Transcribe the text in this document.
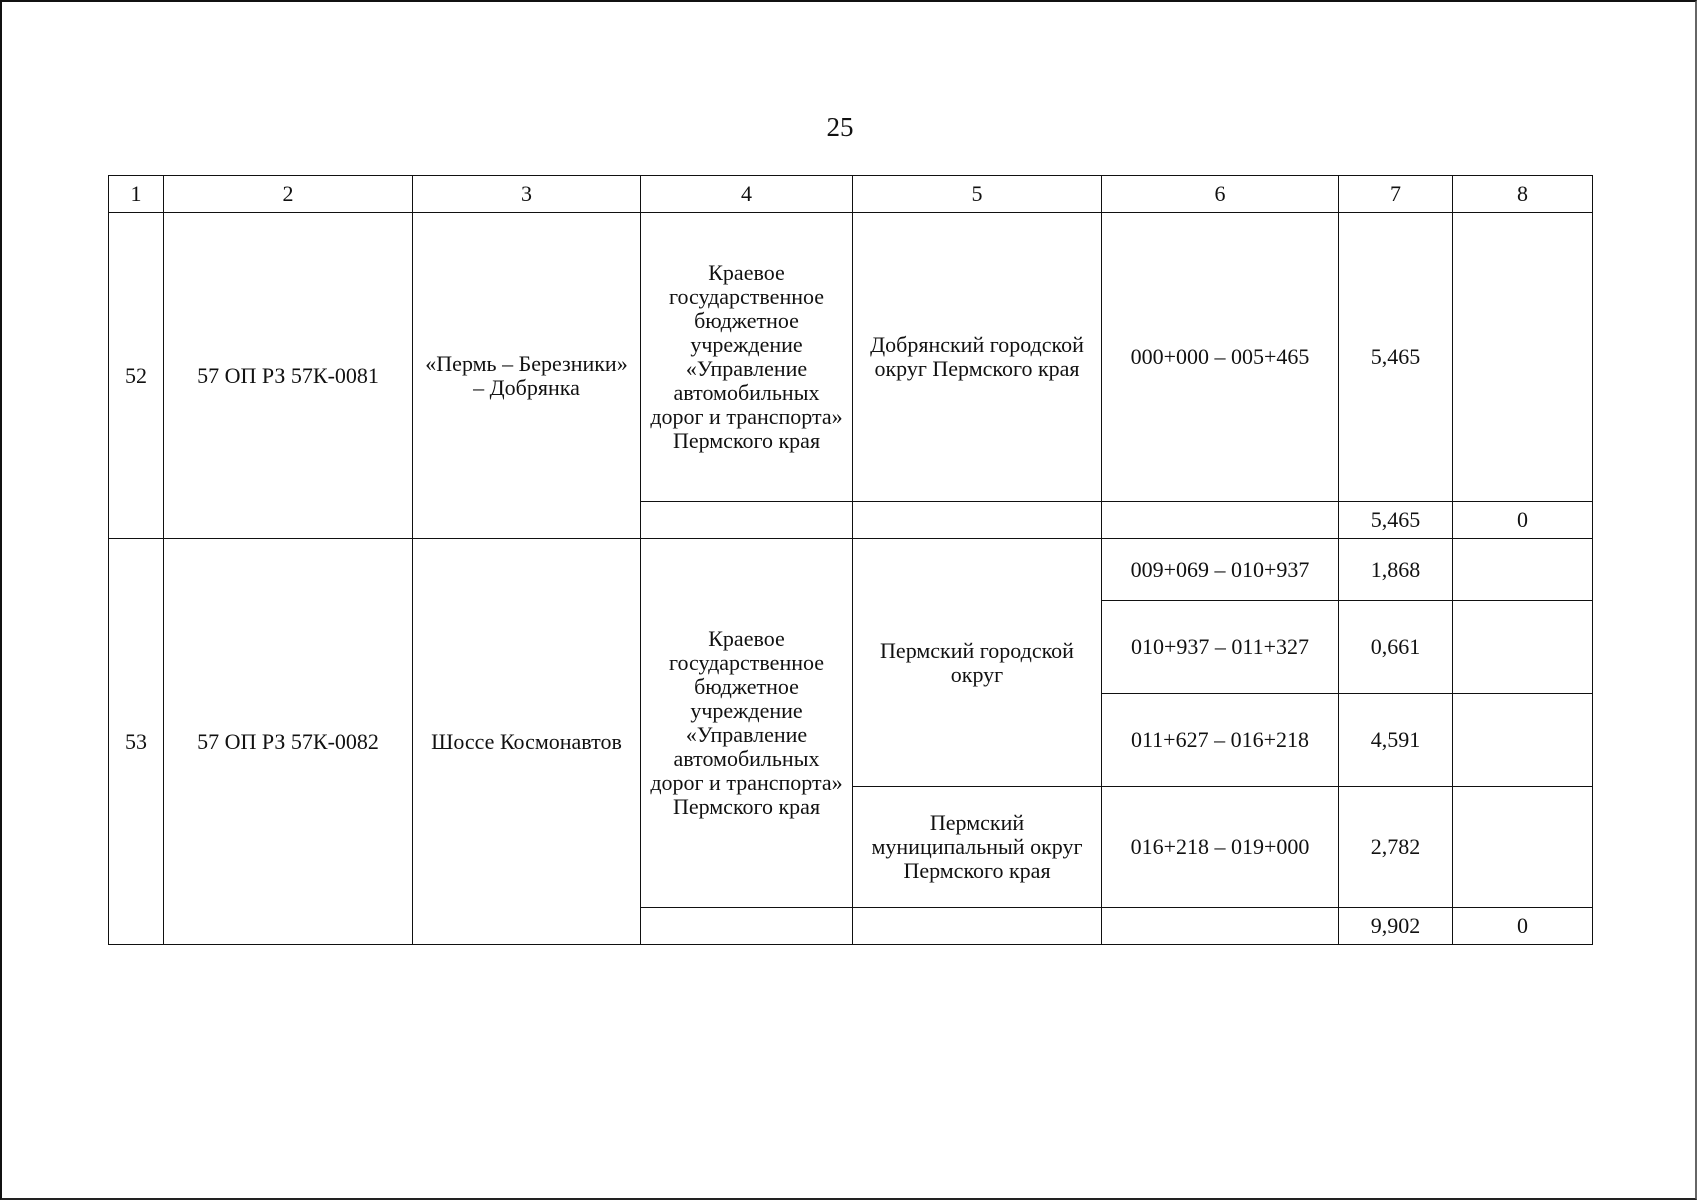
25
1	2	3	4	5	6	7	8
52	57 ОП РЗ 57К-0081	«Пермь – Березники» – Добрянка	Краевое государственное бюджетное учреждение «Управление автомобильных дорог и транспорта» Пермского края	Добрянский городской округ Пермского края	000+000 – 005+465	5,465	
						5,465	0
53	57 ОП РЗ 57К-0082	Шоссе Космонавтов	Краевое государственное бюджетное учреждение «Управление автомобильных дорог и транспорта» Пермского края	Пермский городской округ	009+069 – 010+937	1,868	
					010+937 – 011+327	0,661	
					011+627 – 016+218	4,591	
				Пермский муниципальный округ Пермского края	016+218 – 019+000	2,782	
						9,902	0
